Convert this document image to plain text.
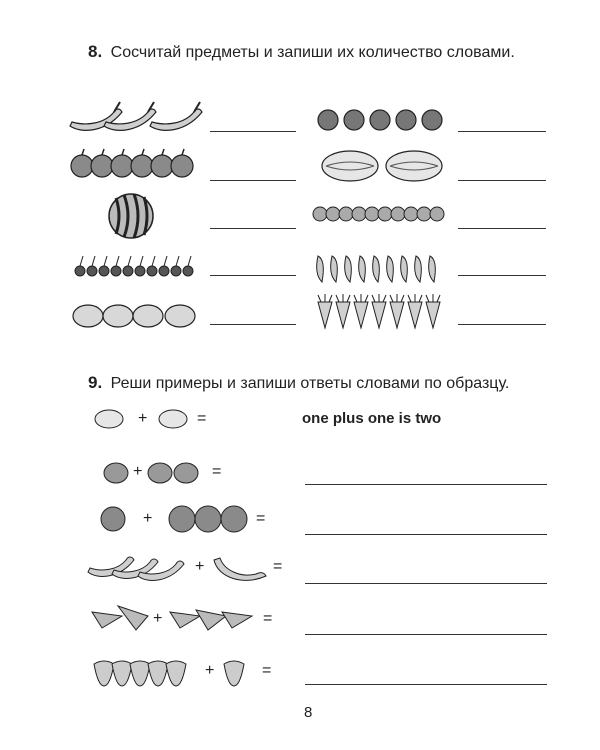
8. Сосчитай предметы и запиши их количество словами.
9. Реши примеры и запиши ответы словами по образцу.
+	=
+	=
+	=
+	=
+	=
+	=
one plus one is two
8
